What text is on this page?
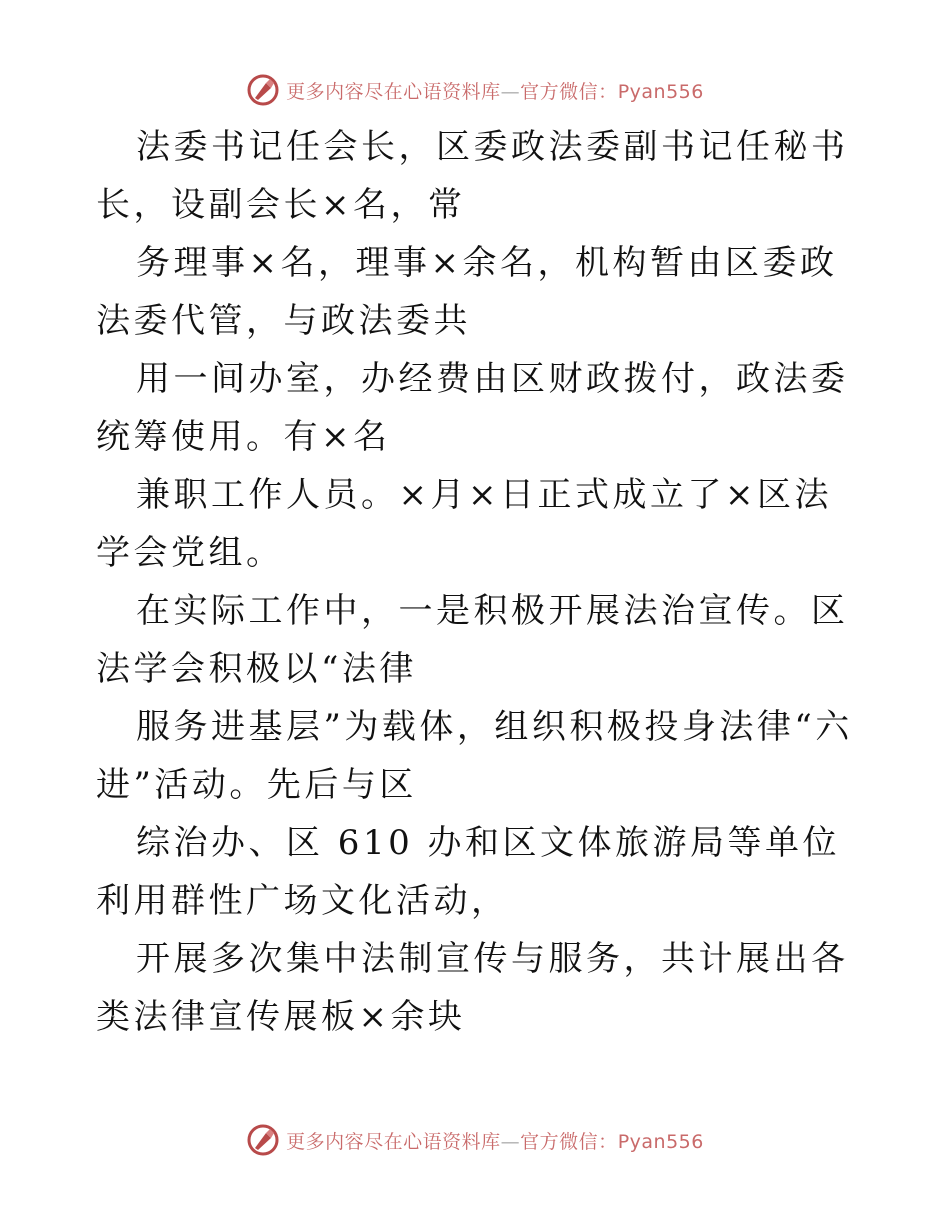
更多内容尽在心语资料库—官方微信：Pyan556

法委书记任会长，区委政法委副书记任秘书长，设副会长×名，常

务理事×名，理事×余名，机构暂由区委政法委代管，与政法委共

用一间办室，办经费由区财政拨付，政法委统筹使用。有×名

兼职工作人员。×月×日正式成立了×区法学会党组。

在实际工作中，一是积极开展法治宣传。区法学会积极以“法律

服务进基层”为载体，组织积极投身法律“六进”活动。先后与区

综治办、区 610 办和区文体旅游局等单位利用群性广场文化活动，

开展多次集中法制宣传与服务，共计展出各类法律宣传展板×余块

更多内容尽在心语资料库—官方微信：Pyan556
